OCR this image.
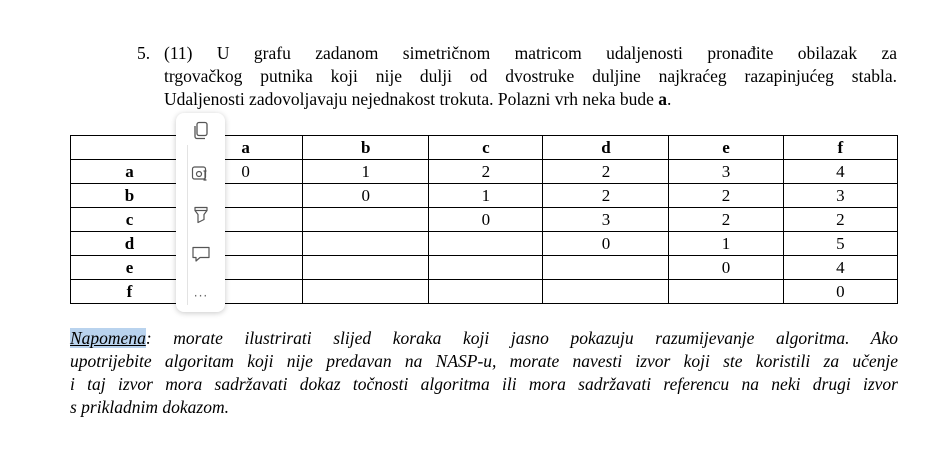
5. (11) U grafu zadanom simetričnom matricom udaljenosti pronađite obilazak za
trgovačkog putnika koji nije dulji od dvostruke duljine najkraćeg razapinjućeg stabla.
Udaljenosti zadovoljavaju nejednakost trokuta. Polazni vrh neka bude a.
	a	b	c	d	e	f
a	0	1	2	2	3	4
b		0	1	2	2	3
c			0	3	2	2
d				0	1	5
e					0	4
f						0
Napomena: morate ilustrirati slijed koraka koji jasno pokazuju razumijevanje algoritma. Ako
upotrijebite algoritam koji nije predavan na NASP-u, morate navesti izvor koji ste koristili za učenje
i taj izvor mora sadržavati dokaz točnosti algoritma ili mora sadržavati referencu na neki drugi izvor
s prikladnim dokazom.
···
